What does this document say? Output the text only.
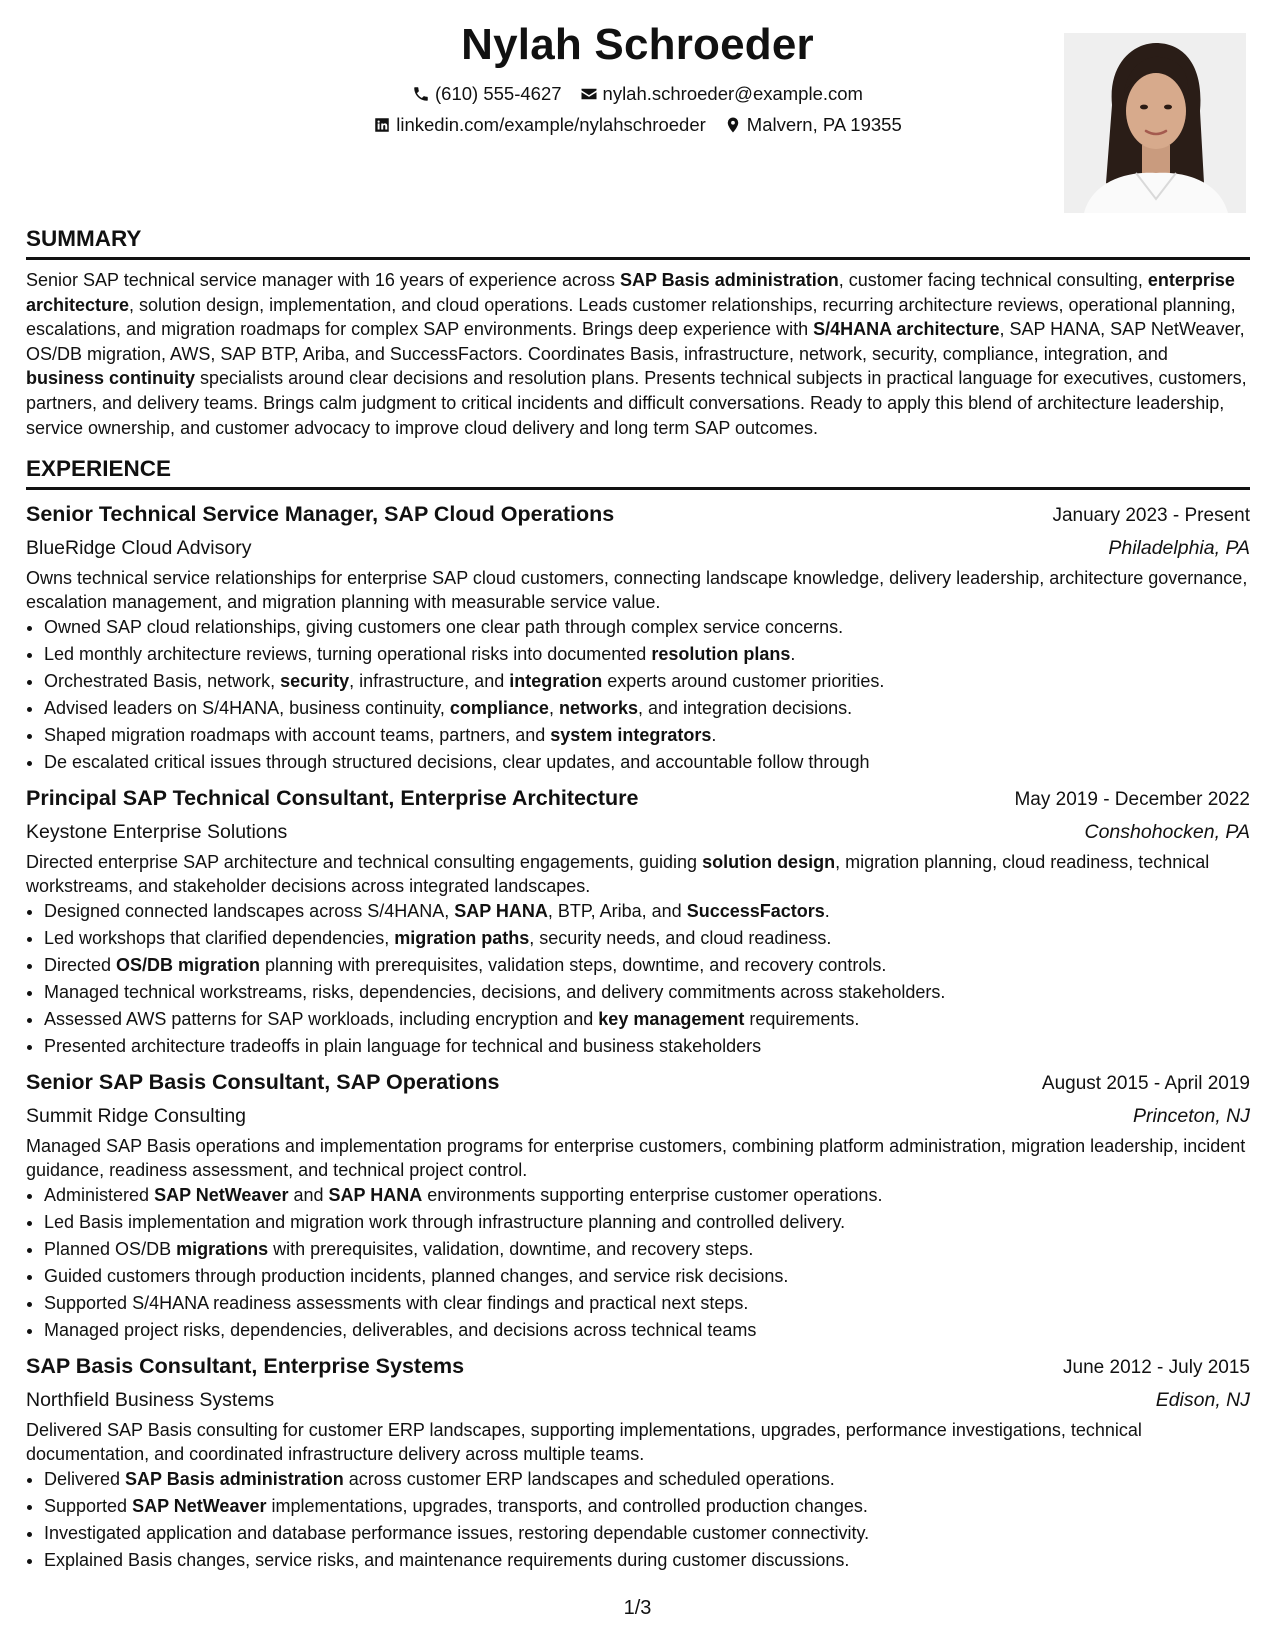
Nylah Schroeder
(610) 555-4627 nylah.schroeder@example.com
linkedin.com/example/nylahschroeder Malvern, PA 19355
SUMMARY

Senior SAP technical service manager with 16 years of experience across SAP Basis administration, customer facing technical consulting, enterprise architecture, solution design, implementation, and cloud operations. Leads customer relationships, recurring architecture reviews, operational planning, escalations, and migration roadmaps for complex SAP environments. Brings deep experience with S/4HANA architecture, SAP HANA, SAP NetWeaver, OS/DB migration, AWS, SAP BTP, Ariba, and SuccessFactors. Coordinates Basis, infrastructure, network, security, compliance, integration, and business continuity specialists around clear decisions and resolution plans. Presents technical subjects in practical language for executives, customers, partners, and delivery teams. Brings calm judgment to critical incidents and difficult conversations. Ready to apply this blend of architecture leadership, service ownership, and customer advocacy to improve cloud delivery and long term SAP outcomes.

EXPERIENCE
Senior Technical Service Manager, SAP Cloud Operations	January 2023 - Present
BlueRidge Cloud Advisory	Philadelphia, PA

Owns technical service relationships for enterprise SAP cloud customers, connecting landscape knowledge, delivery leadership, architecture governance, escalation management, and migration planning with measurable service value.

• Owned SAP cloud relationships, giving customers one clear path through complex service concerns.
• Led monthly architecture reviews, turning operational risks into documented resolution plans.
• Orchestrated Basis, network, security, infrastructure, and integration experts around customer priorities.
• Advised leaders on S/4HANA, business continuity, compliance, networks, and integration decisions.
• Shaped migration roadmaps with account teams, partners, and system integrators.
• De escalated critical issues through structured decisions, clear updates, and accountable follow through
Principal SAP Technical Consultant, Enterprise Architecture	May 2019 - December 2022
Keystone Enterprise Solutions	Conshohocken, PA

Directed enterprise SAP architecture and technical consulting engagements, guiding solution design, migration planning, cloud readiness, technical workstreams, and stakeholder decisions across integrated landscapes.

• Designed connected landscapes across S/4HANA, SAP HANA, BTP, Ariba, and SuccessFactors.
• Led workshops that clarified dependencies, migration paths, security needs, and cloud readiness.
• Directed OS/DB migration planning with prerequisites, validation steps, downtime, and recovery controls.
• Managed technical workstreams, risks, dependencies, decisions, and delivery commitments across stakeholders.
• Assessed AWS patterns for SAP workloads, including encryption and key management requirements.
• Presented architecture tradeoffs in plain language for technical and business stakeholders
Senior SAP Basis Consultant, SAP Operations	August 2015 - April 2019
Summit Ridge Consulting	Princeton, NJ

Managed SAP Basis operations and implementation programs for enterprise customers, combining platform administration, migration leadership, incident guidance, readiness assessment, and technical project control.

• Administered SAP NetWeaver and SAP HANA environments supporting enterprise customer operations.
• Led Basis implementation and migration work through infrastructure planning and controlled delivery.
• Planned OS/DB migrations with prerequisites, validation, downtime, and recovery steps.
• Guided customers through production incidents, planned changes, and service risk decisions.
• Supported S/4HANA readiness assessments with clear findings and practical next steps.
• Managed project risks, dependencies, deliverables, and decisions across technical teams
SAP Basis Consultant, Enterprise Systems	June 2012 - July 2015
Northfield Business Systems	Edison, NJ

Delivered SAP Basis consulting for customer ERP landscapes, supporting implementations, upgrades, performance investigations, technical documentation, and coordinated infrastructure delivery across multiple teams.

• Delivered SAP Basis administration across customer ERP landscapes and scheduled operations.
• Supported SAP NetWeaver implementations, upgrades, transports, and controlled production changes.
• Investigated application and database performance issues, restoring dependable customer connectivity.
• Explained Basis changes, service risks, and maintenance requirements during customer discussions.
1/3
